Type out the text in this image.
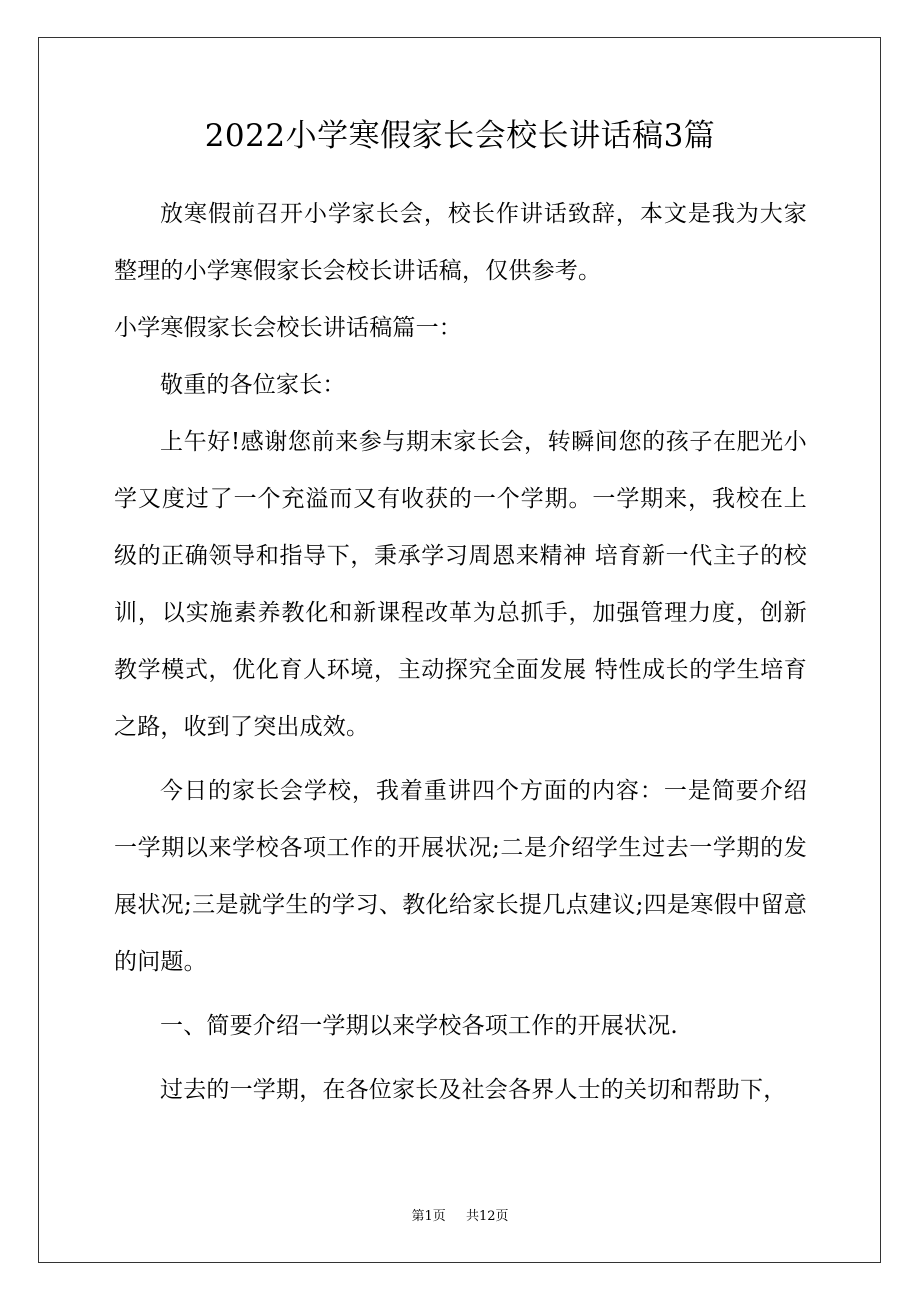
2022小学寒假家长会校长讲话稿3篇

放寒假前召开小学家长会，校长作讲话致辞，本文是我为大家整理的小学寒假家长会校长讲话稿，仅供参考。

小学寒假家长会校长讲话稿篇一：

敬重的各位家长：

上午好!感谢您前来参与期末家长会，转瞬间您的孩子在肥光小学又度过了一个充溢而又有收获的一个学期。一学期来，我校在上级的正确领导和指导下，秉承学习周恩来精神 培育新一代主子的校训，以实施素养教化和新课程改革为总抓手，加强管理力度，创新教学模式，优化育人环境，主动探究全面发展 特性成长的学生培育之路，收到了突出成效。

今日的家长会学校，我着重讲四个方面的内容：一是简要介绍一学期以来学校各项工作的开展状况;二是介绍学生过去一学期的发展状况;三是就学生的学习、教化给家长提几点建议;四是寒假中留意的问题。

一、简要介绍一学期以来学校各项工作的开展状况.

过去的一学期，在各位家长及社会各界人士的关切和帮助下，

第1页 共12页
